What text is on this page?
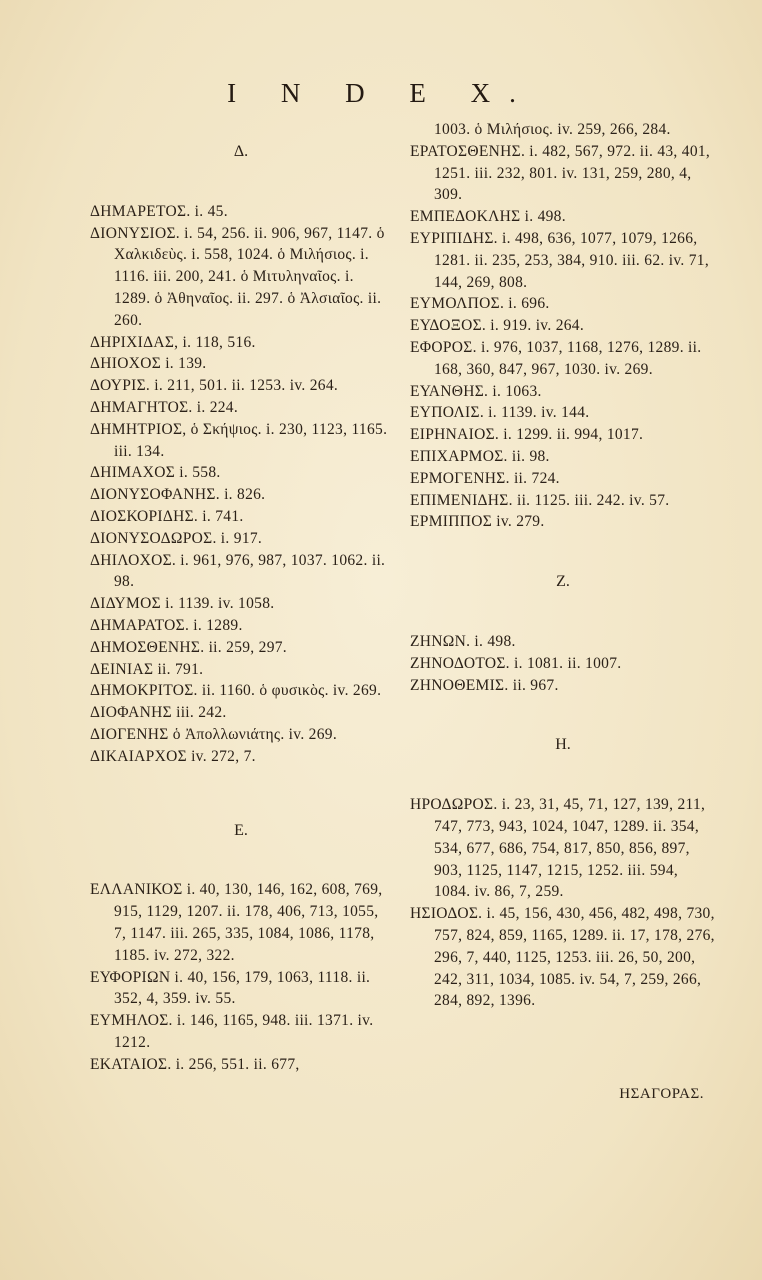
I N D E X.
Δ.
ΔΗΜΑΡΕΤΟΣ. i. 45.
ΔΙΟΝΥΣΙΟΣ. i. 54, 256. ii. 906, 967, 1147. ὁ Χαλκιδεὺς. i. 558, 1024. ὁ Μιλήσιος. i. 1116. iii. 200, 241. ὁ Μιτυληναῖος. i. 1289. ὁ Ἀθηναῖος. ii. 297. ὁ Ἀλσιαῖος. ii. 260.
ΔΗΡΙΧΙΔΑΣ, i. 118, 516.
ΔΗΙΟΧΟΣ i. 139.
ΔΟΥΡΙΣ. i. 211, 501. ii. 1253. iv. 264.
ΔΗΜΑΓΗΤΟΣ. i. 224.
ΔΗΜΗΤΡΙΟΣ, ὁ Σκήψιος. i. 230, 1123, 1165. iii. 134.
ΔΗΙΜΑΧΟΣ i. 558.
ΔΙΟΝΥΣΟΦΑΝΗΣ. i. 826.
ΔΙΟΣΚΟΡΙΔΗΣ. i. 741.
ΔΙΟΝΥΣΟΔΩΡΟΣ. i. 917.
ΔΗΙΛΟΧΟΣ. i. 961, 976, 987, 1037. 1062. ii. 98.
ΔΙΔΥΜΟΣ i. 1139. iv. 1058.
ΔΗΜΑΡΑΤΟΣ. i. 1289.
ΔΗΜΟΣΘΕΝΗΣ. ii. 259, 297.
ΔΕΙΝΙΑΣ ii. 791.
ΔΗΜΟΚΡΙΤΟΣ. ii. 1160. ὁ φυσικὸς. iv. 269.
ΔΙΟΦΑΝΗΣ iii. 242.
ΔΙΟΓΕΝΗΣ ὁ Ἀπολλωνιάτης. iv. 269.
ΔΙΚΑΙΑΡΧΟΣ iv. 272, 7.
Ε.
ΕΛΛΑΝΙΚΟΣ i. 40, 130, 146, 162, 608, 769, 915, 1129, 1207. ii. 178, 406, 713, 1055, 7, 1147. iii. 265, 335, 1084, 1086, 1178, 1185. iv. 272, 322.
ΕΥΦΟΡΙΩΝ i. 40, 156, 179, 1063, 1118. ii. 352, 4, 359. iv. 55.
ΕΥΜΗΛΟΣ. i. 146, 1165, 948. iii. 1371. iv. 1212.
ΕΚΑΤΑΙΟΣ. i. 256, 551. ii. 677,
1003. ὁ Μιλήσιος. iv. 259, 266, 284.
ΕΡΑΤΟΣΘΕΝΗΣ. i. 482, 567, 972. ii. 43, 401, 1251. iii. 232, 801. iv. 131, 259, 280, 4, 309.
ΕΜΠΕΔΟΚΛΗΣ i. 498.
ΕΥΡΙΠΙΔΗΣ. i. 498, 636, 1077, 1079, 1266, 1281. ii. 235, 253, 384, 910. iii. 62. iv. 71, 144, 269, 808.
ΕΥΜΟΛΠΟΣ. i. 696.
ΕΥΔΟΞΟΣ. i. 919. iv. 264.
ΕΦΟΡΟΣ. i. 976, 1037, 1168, 1276, 1289. ii. 168, 360, 847, 967, 1030. iv. 269.
ΕΥΑΝΘΗΣ. i. 1063.
ΕΥΠΟΛΙΣ. i. 1139. iv. 144.
ΕΙΡΗΝΑΙΟΣ. i. 1299. ii. 994, 1017.
ΕΠΙΧΑΡΜΟΣ. ii. 98.
ΕΡΜΟΓΕΝΗΣ. ii. 724.
ΕΠΙΜΕΝΙΔΗΣ. ii. 1125. iii. 242. iv. 57.
ΕΡΜΙΠΠΟΣ iv. 279.
Ζ.
ΖΗΝΩΝ. i. 498.
ΖΗΝΟΔΟΤΟΣ. i. 1081. ii. 1007.
ΖΗΝΟΘΕΜΙΣ. ii. 967.
Η.
ΗΡΟΔΩΡΟΣ. i. 23, 31, 45, 71, 127, 139, 211, 747, 773, 943, 1024, 1047, 1289. ii. 354, 534, 677, 686, 754, 817, 850, 856, 897, 903, 1125, 1147, 1215, 1252. iii. 594, 1084. iv. 86, 7, 259.
ΗΣΙΟΔΟΣ. i. 45, 156, 430, 456, 482, 498, 730, 757, 824, 859, 1165, 1289. ii. 17, 178, 276, 296, 7, 440, 1125, 1253. iii. 26, 50, 200, 242, 311, 1034, 1085. iv. 54, 7, 259, 266, 284, 892, 1396.
ΗΣΑΓΟΡΑΣ.
